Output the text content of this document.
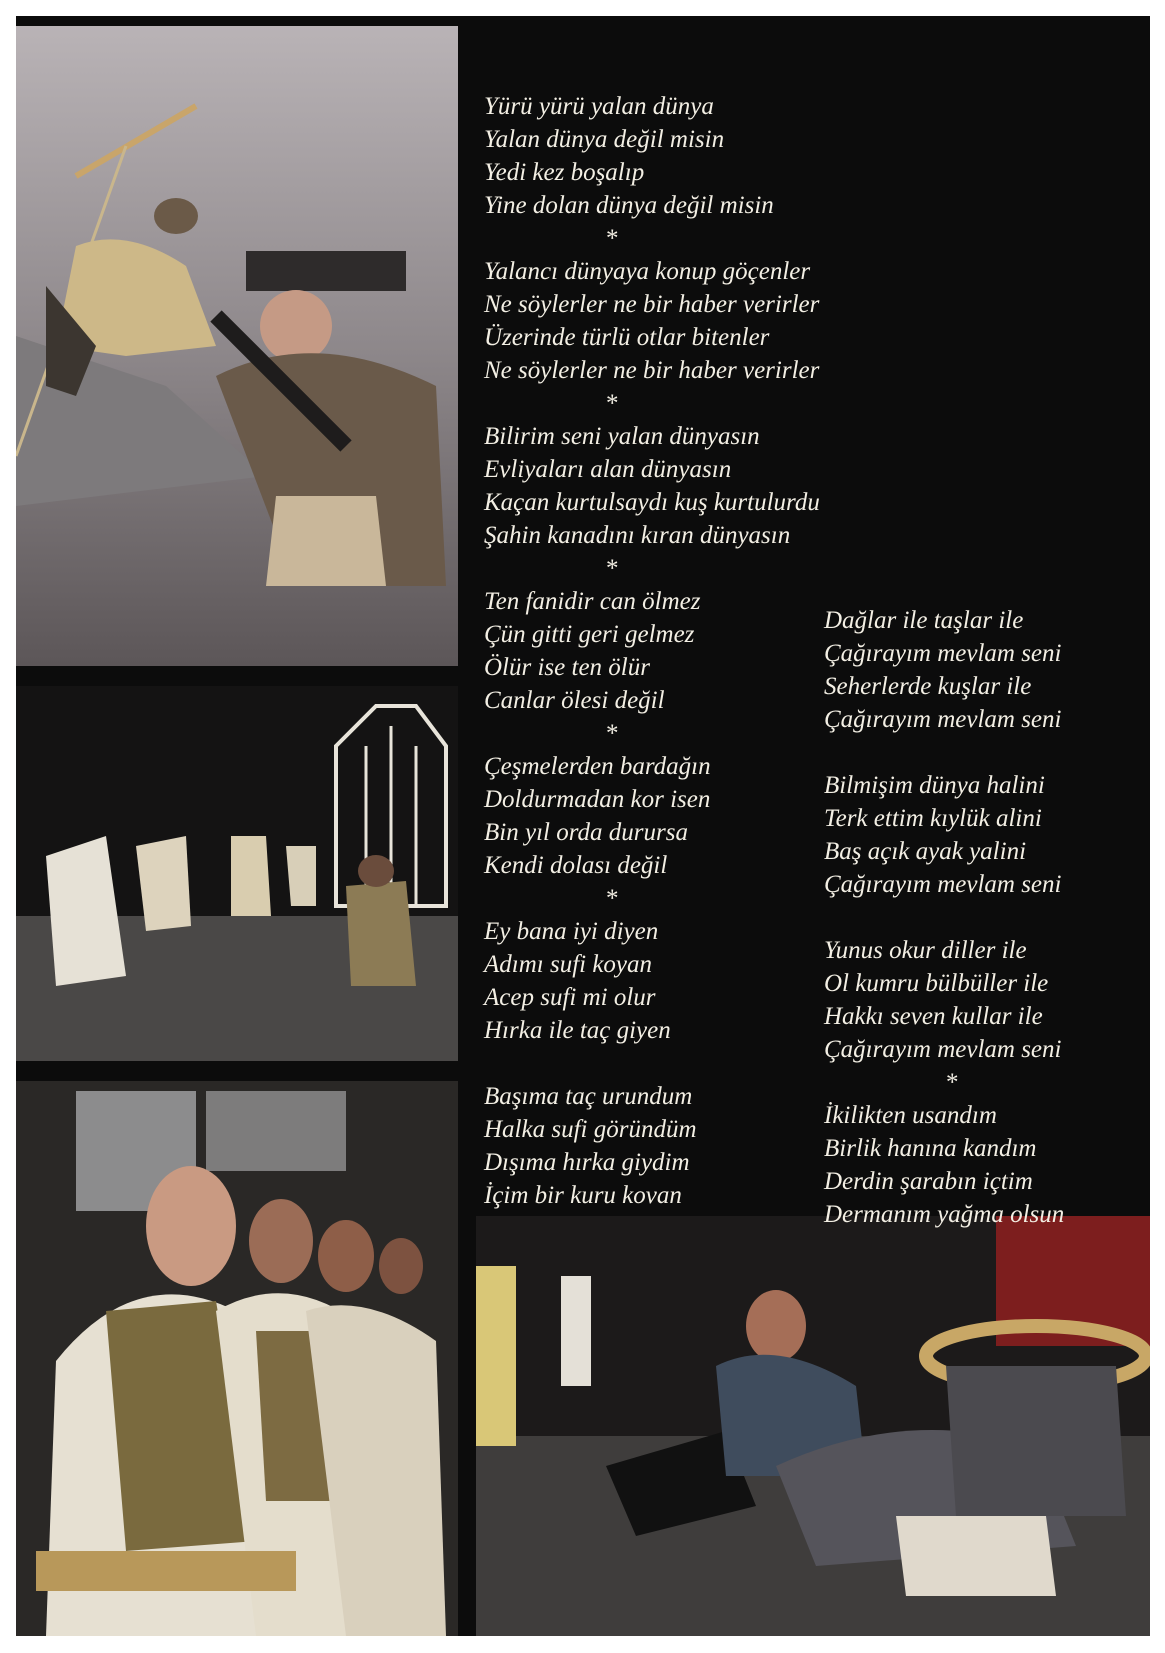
Yürü yürü yalan dünya
Yalan dünya değil misin
Yedi kez boşalıp
Yine dolan dünya değil misin
*
Yalancı dünyaya konup göçenler
Ne söylerler ne bir haber verirler
Üzerinde türlü otlar bitenler
Ne söylerler ne bir haber verirler
*
Bilirim seni yalan dünyasın
Evliyaları alan dünyasın
Kaçan kurtulsaydı kuş kurtulurdu
Şahin kanadını kıran dünyasın
*
Ten fanidir can ölmez
Çün gitti geri gelmez
Ölür ise ten ölür
Canlar ölesi değil
*
Çeşmelerden bardağın
Doldurmadan kor isen
Bin yıl orda durursa
Kendi dolası değil
*
Ey bana iyi diyen
Adımı sufi koyan
Acep sufi mi olur
Hırka ile taç giyen
Başıma taç urundum
Halka sufi göründüm
Dışıma hırka giydim
İçim bir kuru kovan
Dağlar ile taşlar ile
Çağırayım mevlam seni
Seherlerde kuşlar ile
Çağırayım mevlam seni
Bilmişim dünya halini
Terk ettim kıylük alini
Baş açık ayak yalini
Çağırayım mevlam seni
Yunus okur diller ile
Ol kumru bülbüller ile
Hakkı seven kullar ile
Çağırayım mevlam seni
*
İkilikten usandım
Birlik hanına kandım
Derdin şarabın içtim
Dermanım yağma olsun
